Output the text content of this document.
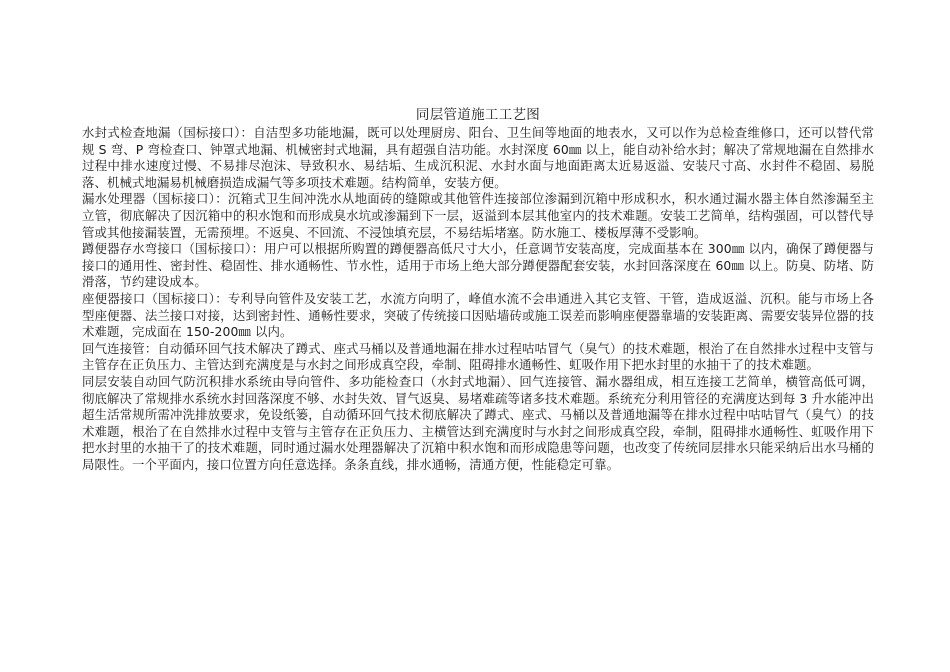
同层管道施工工艺图

水封式检查地漏（国标接口）：自洁型多功能地漏，既可以处理厨房、阳台、卫生间等地面的地表水，又可以作为总检查维修口，还可以替代常规 S 弯、P 弯检查口、钟罩式地漏、机械密封式地漏，具有超强自洁功能。水封深度 60㎜ 以上，能自动补给水封；解决了常规地漏在自然排水过程中排水速度过慢、不易排尽泡沫、导致积水、易结垢、生成沉积泥、水封水面与地面距离太近易返溢、安装尺寸高、水封件不稳固、易脱落、机械式地漏易机械磨损造成漏气等多项技术难题。结构简单，安装方便。

漏水处理器（国标接口）：沉箱式卫生间冲洗水从地面砖的缝隙或其他管件连接部位渗漏到沉箱中形成积水，积水通过漏水器主体自然渗漏至主立管，彻底解决了因沉箱中的积水饱和而形成臭水坑或渗漏到下一层，返溢到本层其他室内的技术难题。安装工艺简单，结构强固，可以替代导管或其他接漏装置，无需预埋。不返臭、不回流、不浸蚀填充层，不易结垢堵塞。防水施工、楼板厚薄不受影响。

蹲便器存水弯接口（国标接口）：用户可以根据所购置的蹲便器高低尺寸大小，任意调节安装高度，完成面基本在 300㎜ 以内，确保了蹲便器与接口的通用性、密封性、稳固性、排水通畅性、节水性，适用于市场上绝大部分蹲便器配套安装，水封回落深度在 60㎜ 以上。防臭、防堵、防滑落，节约建设成本。

座便器接口（国标接口）：专利导向管件及安装工艺，水流方向明了，峰值水流不会串通进入其它支管、干管，造成返溢、沉积。能与市场上各型座便器、法兰接口对接，达到密封性、通畅性要求，突破了传统接口因贴墙砖或施工误差而影响座便器靠墙的安装距离、需要安装异位器的技术难题，完成面在 150-200㎜ 以内。

回气连接管：自动循环回气技术解决了蹲式、座式马桶以及普通地漏在排水过程咕咕冒气（臭气）的技术难题，根治了在自然排水过程中支管与主管存在正负压力、主管达到充满度是与水封之间形成真空段，牵制、阻碍排水通畅性、虹吸作用下把水封里的水抽干了的技术难题。

同层安装自动回气防沉积排水系统由导向管件、多功能检查口（水封式地漏）、回气连接管、漏水器组成，相互连接工艺简单，横管高低可调，彻底解决了常规排水系统水封回落深度不够、水封失效、冒气返臭、易堵难疏等诸多技术难题。系统充分利用管径的充满度达到每 3 升水能冲出超生活常规所需冲洗排放要求，免设纸篓，自动循环回气技术彻底解决了蹲式、座式、马桶以及普通地漏等在排水过程中咕咕冒气（臭气）的技术难题，根治了在自然排水过程中支管与主管存在正负压力、主横管达到充满度时与水封之间形成真空段，牵制，阻碍排水通畅性、虹吸作用下把水封里的水抽干了的技术难题，同时通过漏水处理器解决了沉箱中积水饱和而形成隐患等问题，也改变了传统同层排水只能采纳后出水马桶的局限性。一个平面内，接口位置方向任意选择。条条直线，排水通畅，清通方便，性能稳定可靠。
